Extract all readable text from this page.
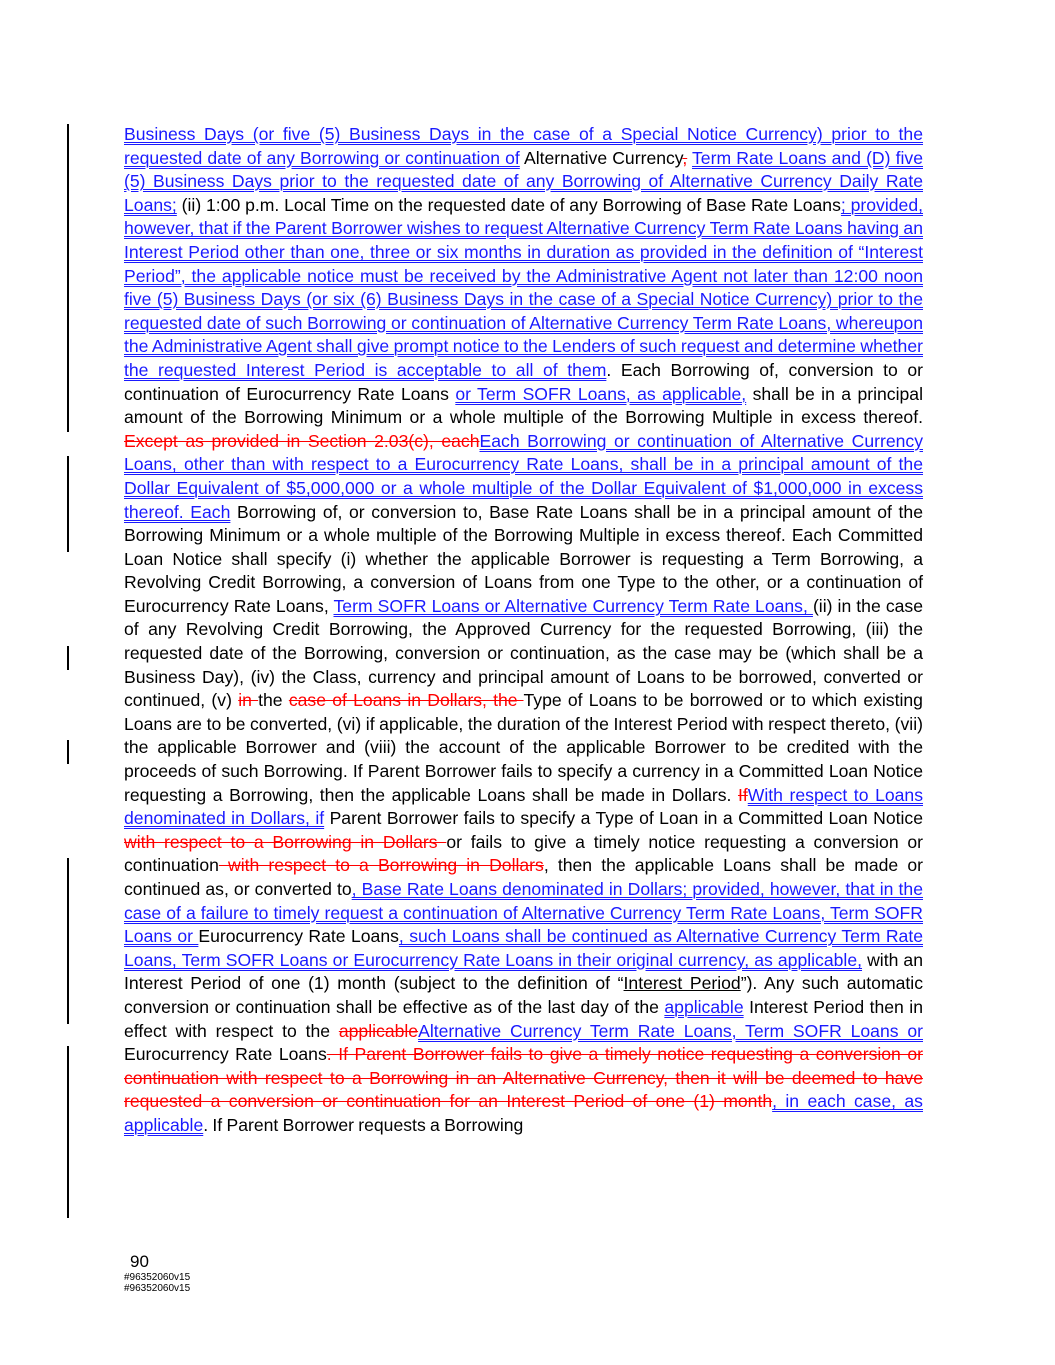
Business Days (or five (5) Business Days in the case of a Special Notice Currency) prior to the requested date of any Borrowing or continuation of Alternative Currency, Term Rate Loans and (D) five (5) Business Days prior to the requested date of any Borrowing of Alternative Currency Daily Rate Loans; (ii) 1:00 p.m. Local Time on the requested date of any Borrowing of Base Rate Loans; provided, however, that if the Parent Borrower wishes to request Alternative Currency Term Rate Loans having an Interest Period other than one, three or six months in duration as provided in the definition of “Interest Period”, the applicable notice must be received by the Administrative Agent not later than 12:00 noon five (5) Business Days (or six (6) Business Days in the case of a Special Notice Currency) prior to the requested date of such Borrowing or continuation of Alternative Currency Term Rate Loans, whereupon the Administrative Agent shall give prompt notice to the Lenders of such request and determine whether the requested Interest Period is acceptable to all of them. Each Borrowing of, conversion to or continuation of Eurocurrency Rate Loans or Term SOFR Loans, as applicable, shall be in a principal amount of the Borrowing Minimum or a whole multiple of the Borrowing Multiple in excess thereof. Except as provided in Section 2.03(c), eachEach Borrowing or continuation of Alternative Currency Loans, other than with respect to a Eurocurrency Rate Loans, shall be in a principal amount of the Dollar Equivalent of $5,000,000 or a whole multiple of the Dollar Equivalent of $1,000,000 in excess thereof. Each Borrowing of, or conversion to, Base Rate Loans shall be in a principal amount of the Borrowing Minimum or a whole multiple of the Borrowing Multiple in excess thereof. Each Committed Loan Notice shall specify (i) whether the applicable Borrower is requesting a Term Borrowing, a Revolving Credit Borrowing, a conversion of Loans from one Type to the other, or a continuation of Eurocurrency Rate Loans, Term SOFR Loans or Alternative Currency Term Rate Loans, (ii) in the case of any Revolving Credit Borrowing, the Approved Currency for the requested Borrowing, (iii) the requested date of the Borrowing, conversion or continuation, as the case may be (which shall be a Business Day), (iv) the Class, currency and principal amount of Loans to be borrowed, converted or continued, (v) in the case of Loans in Dollars, the Type of Loans to be borrowed or to which existing Loans are to be converted, (vi) if applicable, the duration of the Interest Period with respect thereto, (vii) the applicable Borrower and (viii) the account of the applicable Borrower to be credited with the proceeds of such Borrowing. If Parent Borrower fails to specify a currency in a Committed Loan Notice requesting a Borrowing, then the applicable Loans shall be made in Dollars. IfWith respect to Loans denominated in Dollars, if Parent Borrower fails to specify a Type of Loan in a Committed Loan Notice with respect to a Borrowing in Dollars or fails to give a timely notice requesting a conversion or continuation with respect to a Borrowing in Dollars, then the applicable Loans shall be made or continued as, or converted to, Base Rate Loans denominated in Dollars; provided, however, that in the case of a failure to timely request a continuation of Alternative Currency Term Rate Loans, Term SOFR Loans or Eurocurrency Rate Loans, such Loans shall be continued as Alternative Currency Term Rate Loans, Term SOFR Loans or Eurocurrency Rate Loans in their original currency, as applicable, with an Interest Period of one (1) month (subject to the definition of “Interest Period”). Any such automatic conversion or continuation shall be effective as of the last day of the applicable Interest Period then in effect with respect to the applicableAlternative Currency Term Rate Loans, Term SOFR Loans or Eurocurrency Rate Loans. If Parent Borrower fails to give a timely notice requesting a conversion or continuation with respect to a Borrowing in an Alternative Currency, then it will be deemed to have requested a conversion or continuation for an Interest Period of one (1) month, in each case, as applicable. If Parent Borrower requests a Borrowing
90
#96352060v15
#96352060v15
